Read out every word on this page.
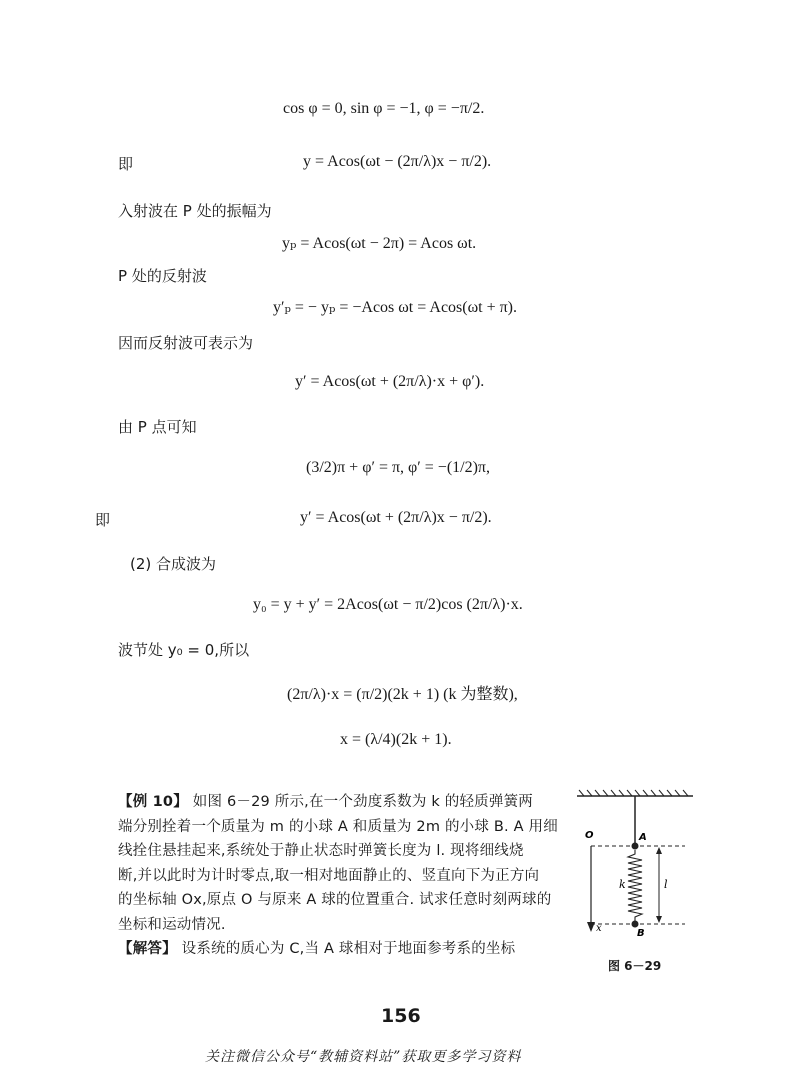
cos φ = 0, sin φ = −1, φ = −π/2.
即	y = Acos(ωt − (2π/λ)x − π/2).
入射波在 P 处的振幅为
yₚ = Acos(ωt − 2π) = Acos ωt.
P 处的反射波
y′ₚ = − yₚ = −Acos ωt = Acos(ωt + π).
因而反射波可表示为
y′ = Acos(ωt + (2π/λ)·x + φ′).
由 P 点可知
(3/2)π + φ′ = π, φ′ = −(1/2)π,
即	y′ = Acos(ωt + (2π/λ)x − π/2).
(2) 合成波为
y₀ = y + y′ = 2Acos(ωt − π/2)cos (2π/λ)·x.
波节处 y₀ = 0,所以
(2π/λ)·x = (π/2)(2k + 1) (k 为整数),
x = (λ/4)(2k + 1).
【例 10】 如图 6－29 所示,在一个劲度系数为 k 的轻质弹簧两
端分别拴着一个质量为 m 的小球 A 和质量为 2m 的小球 B. A 用细
线拴住悬挂起来,系统处于静止状态时弹簧长度为 l. 现将细线烧
断,并以此时为计时零点,取一相对地面静止的、竖直向下为正方向
的坐标轴 Ox,原点 O 与原来 A 球的位置重合. 试求任意时刻两球的
坐标和运动情况.
【解答】 设系统的质心为 C,当 A 球相对于地面参考系的坐标
O	A
k	l
x	B
图 6－29
156
关注微信公众号“教辅资料站”获取更多学习资料
